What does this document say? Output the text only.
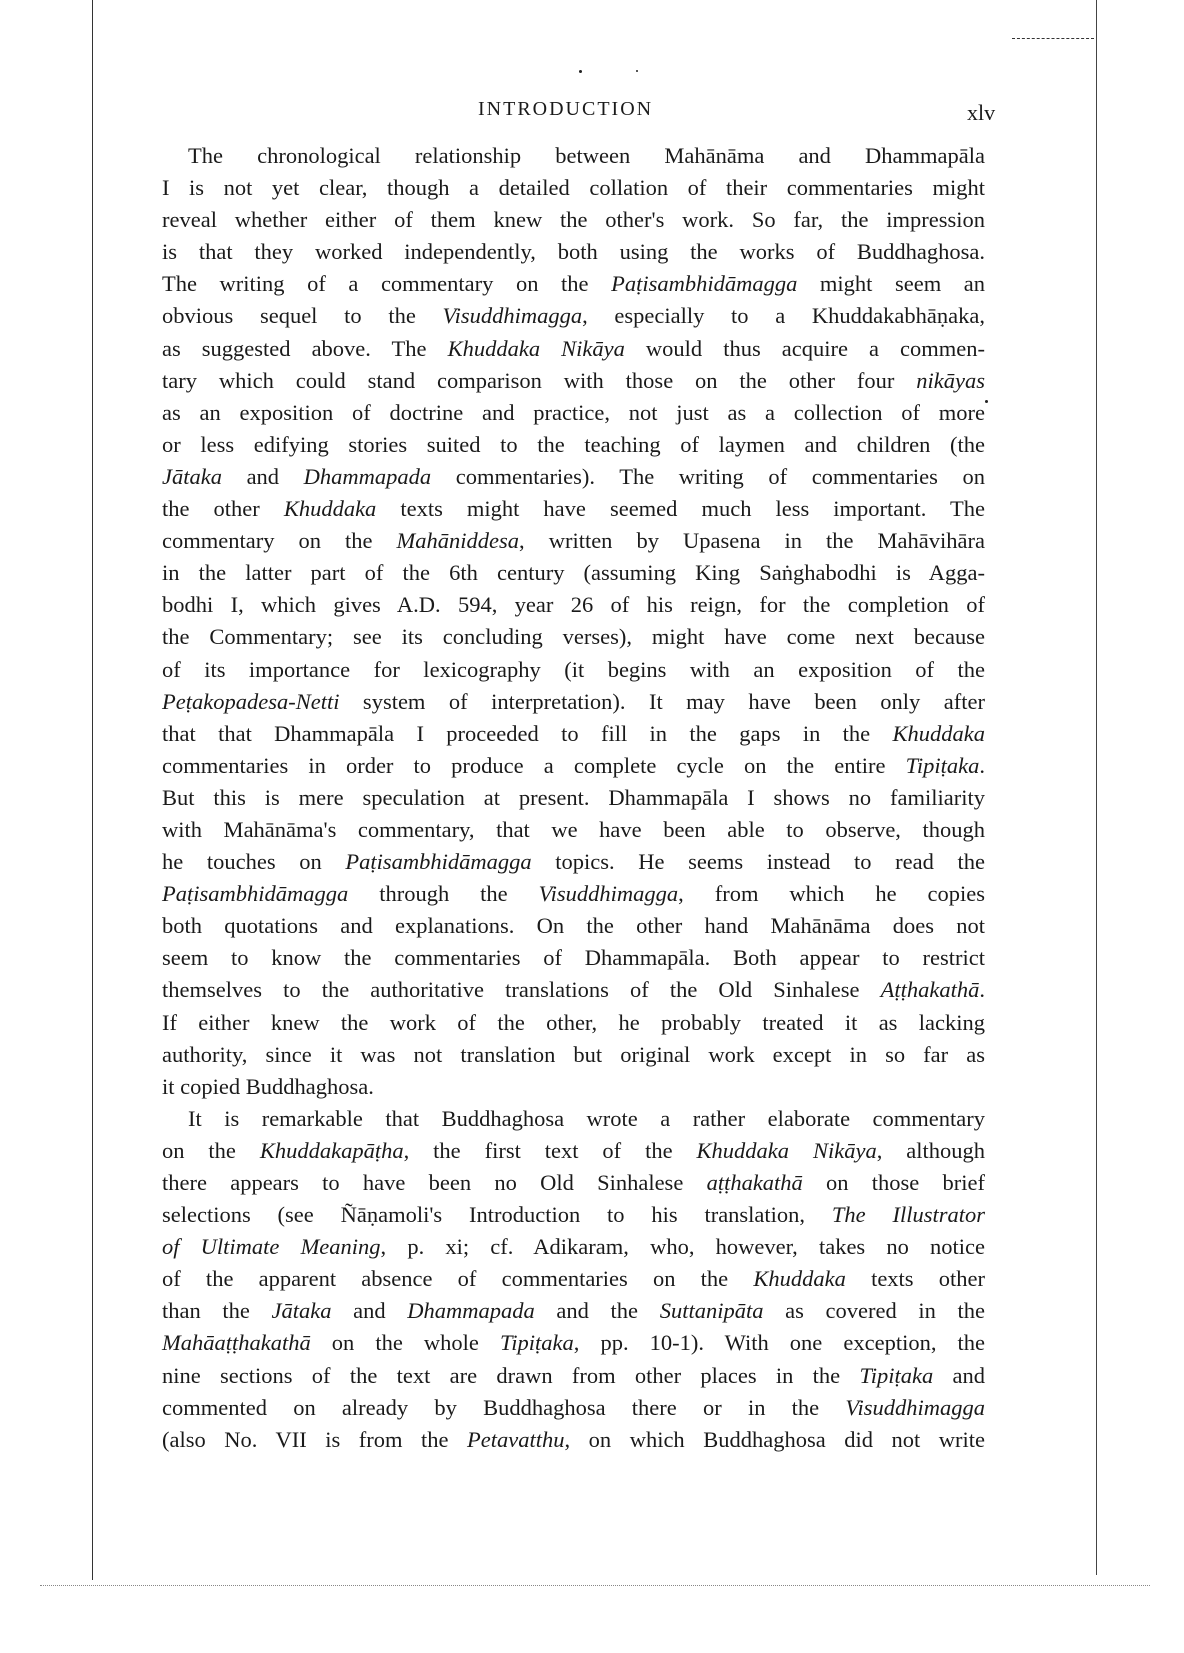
INTRODUCTION	xlv
The chronological relationship between Mahānāma and Dhammapāla
I is not yet clear, though a detailed collation of their commentaries might
reveal whether either of them knew the other's work. So far, the impression
is that they worked independently, both using the works of Buddhaghosa.
The writing of a commentary on the Paṭisambhidāmagga might seem an
obvious sequel to the Visuddhimagga, especially to a Khuddakabhāṇaka,
as suggested above. The Khuddaka Nikāya would thus acquire a commen-
tary which could stand comparison with those on the other four nikāyas
as an exposition of doctrine and practice, not just as a collection of more
or less edifying stories suited to the teaching of laymen and children (the
Jātaka and Dhammapada commentaries). The writing of commentaries on
the other Khuddaka texts might have seemed much less important. The
commentary on the Mahāniddesa, written by Upasena in the Mahāvihāra
in the latter part of the 6th century (assuming King Saṅghabodhi is Agga-
bodhi I, which gives A.D. 594, year 26 of his reign, for the completion of
the Commentary; see its concluding verses), might have come next because
of its importance for lexicography (it begins with an exposition of the
Peṭakopadesa-Netti system of interpretation). It may have been only after
that that Dhammapāla I proceeded to fill in the gaps in the Khuddaka
commentaries in order to produce a complete cycle on the entire Tipiṭaka.
But this is mere speculation at present. Dhammapāla I shows no familiarity
with Mahānāma's commentary, that we have been able to observe, though
he touches on Paṭisambhidāmagga topics. He seems instead to read the
Paṭisambhidāmagga through the Visuddhimagga, from which he copies
both quotations and explanations. On the other hand Mahānāma does not
seem to know the commentaries of Dhammapāla. Both appear to restrict
themselves to the authoritative translations of the Old Sinhalese Aṭṭhakathā.
If either knew the work of the other, he probably treated it as lacking
authority, since it was not translation but original work except in so far as
it copied Buddhaghosa.
It is remarkable that Buddhaghosa wrote a rather elaborate commentary
on the Khuddakapāṭha, the first text of the Khuddaka Nikāya, although
there appears to have been no Old Sinhalese aṭṭhakathā on those brief
selections (see Ñāṇamoli's Introduction to his translation, The Illustrator
of Ultimate Meaning, p. xi; cf. Adikaram, who, however, takes no notice
of the apparent absence of commentaries on the Khuddaka texts other
than the Jātaka and Dhammapada and the Suttanipāta as covered in the
Mahāaṭṭhakathā on the whole Tipiṭaka, pp. 10-1). With one exception, the
nine sections of the text are drawn from other places in the Tipiṭaka and
commented on already by Buddhaghosa there or in the Visuddhimagga
(also No. VII is from the Petavatthu, on which Buddhaghosa did not write
